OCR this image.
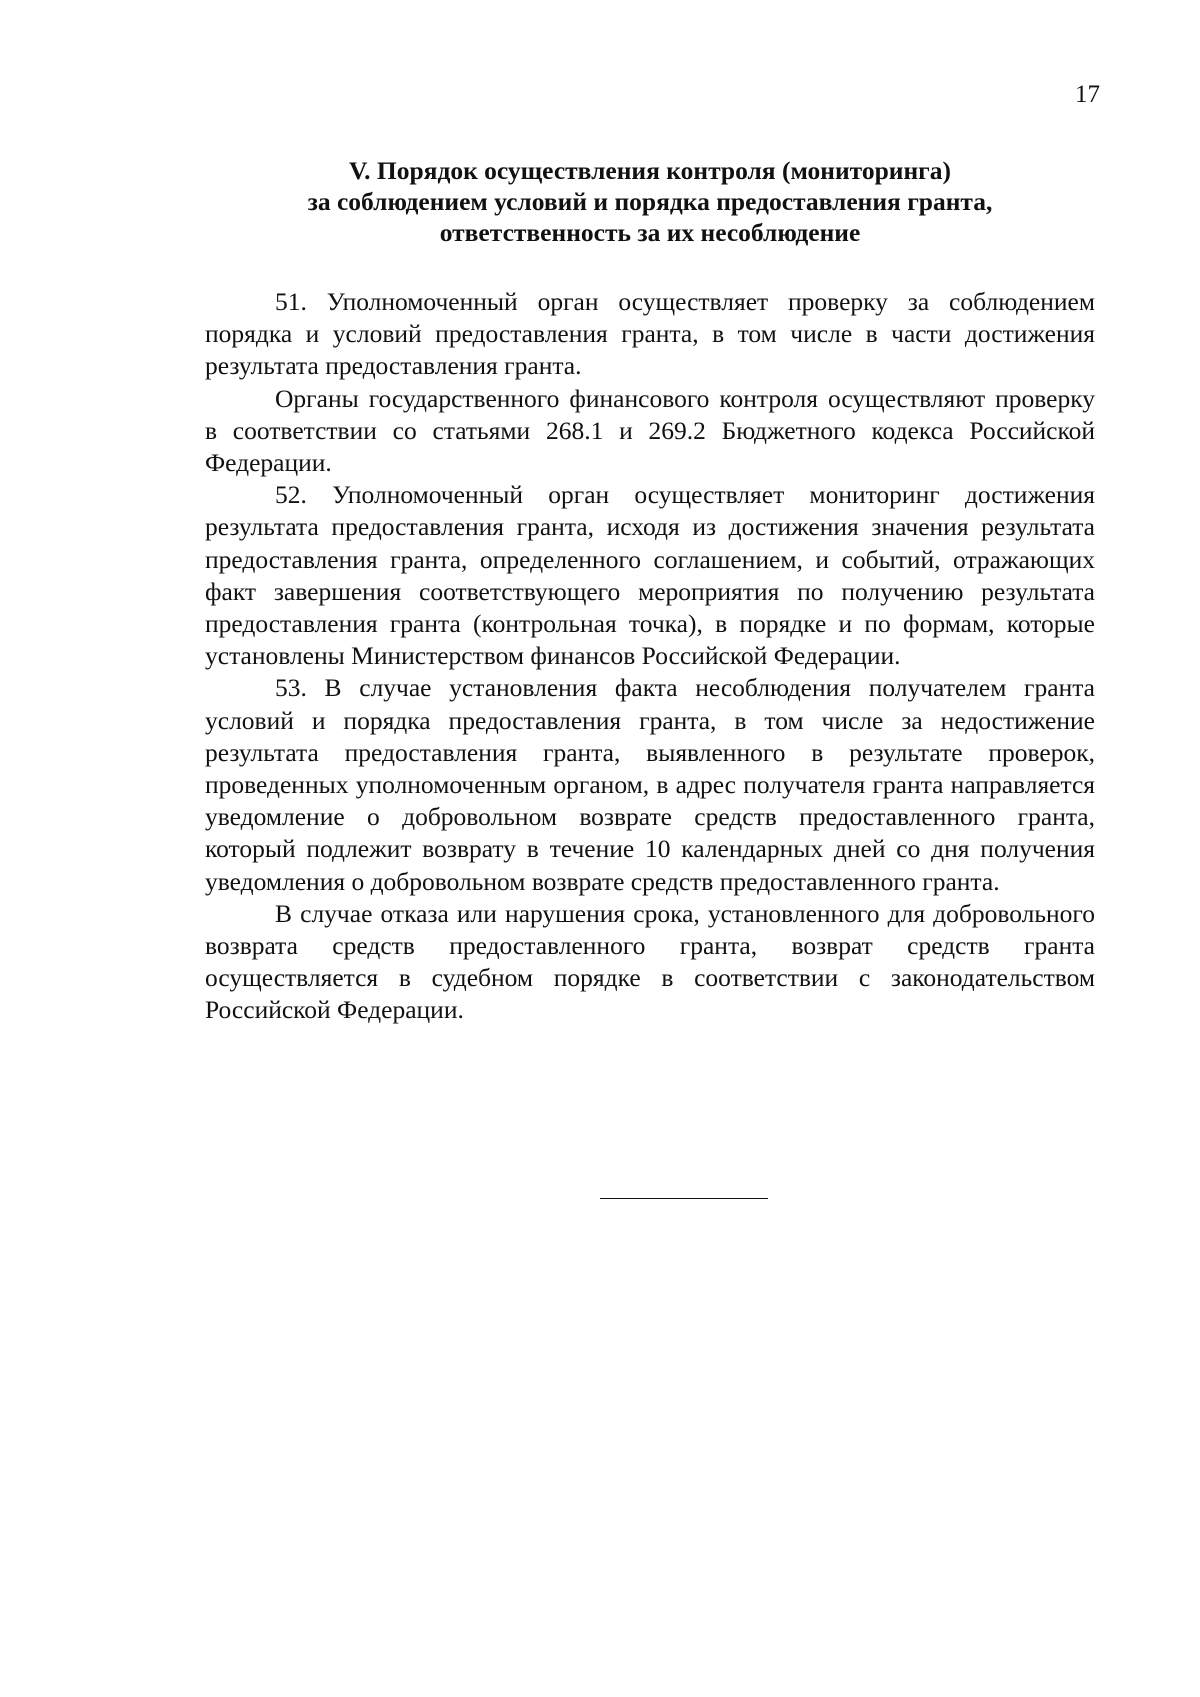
17
V. Порядок осуществления контроля (мониторинга)
за соблюдением условий и порядка предоставления гранта,
ответственность за их несоблюдение

51. Уполномоченный орган осуществляет проверку за соблюдением порядка и условий предоставления гранта, в том числе в части достижения результата предоставления гранта.

Органы государственного финансового контроля осуществляют проверку в соответствии со статьями 268.1 и 269.2 Бюджетного кодекса Российской Федерации.

52. Уполномоченный орган осуществляет мониторинг достижения результата предоставления гранта, исходя из достижения значения результата предоставления гранта, определенного соглашением, и событий, отражающих факт завершения соответствующего мероприятия по получению результата предоставления гранта (контрольная точка), в порядке и по формам, которые установлены Министерством финансов Российской Федерации.

53. В случае установления факта несоблюдения получателем гранта условий и порядка предоставления гранта, в том числе за недостижение результата предоставления гранта, выявленного в результате проверок, проведенных уполномоченным органом, в адрес получателя гранта направляется уведомление о добровольном возврате средств предоставленного гранта, который подлежит возврату в течение 10 календарных дней со дня получения уведомления о добровольном возврате средств предоставленного гранта.

В случае отказа или нарушения срока, установленного для добровольного возврата средств предоставленного гранта, возврат средств гранта осуществляется в судебном порядке в соответствии с законодательством Российской Федерации.
